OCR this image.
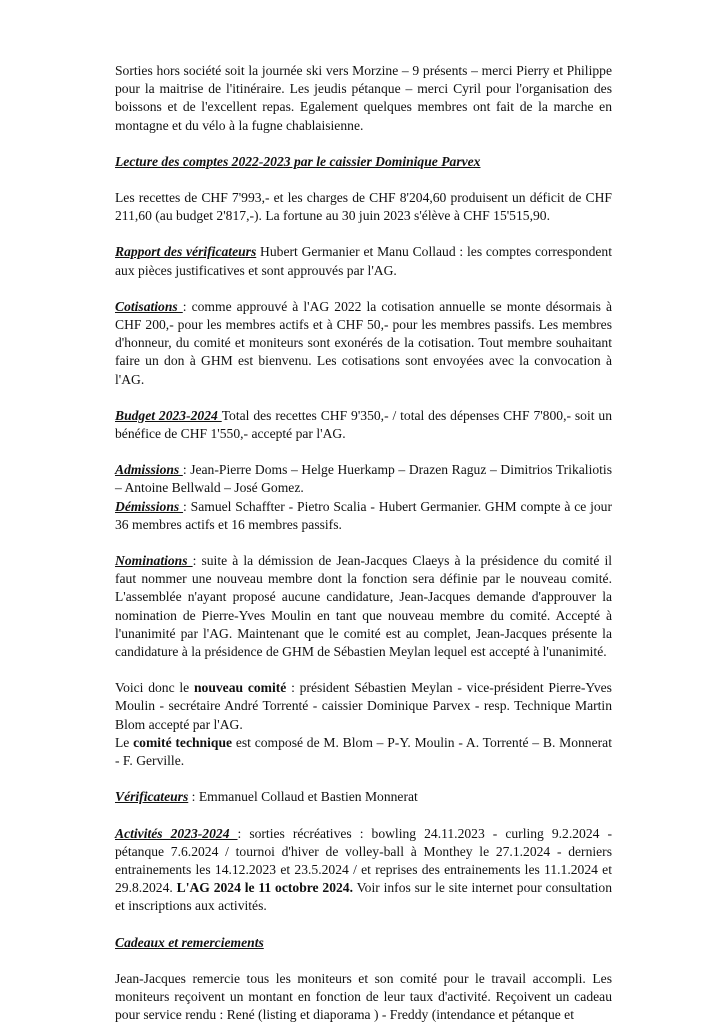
Sorties hors société soit la journée ski vers Morzine – 9 présents – merci Pierry et Philippe pour la maitrise de l'itinéraire. Les jeudis pétanque – merci Cyril pour l'organisation des boissons et de l'excellent repas. Egalement quelques membres ont fait de la marche en montagne et du vélo à la fugne chablaisienne.

Lecture des comptes 2022-2023 par le caissier Dominique Parvex

Les recettes de CHF 7'993,- et les charges de CHF 8'204,60 produisent un déficit de CHF 211,60 (au budget 2'817,-). La fortune au 30 juin 2023 s'élève à CHF 15'515,90.

Rapport des vérificateurs Hubert Germanier et Manu Collaud : les comptes correspondent aux pièces justificatives et sont approuvés par l'AG.

Cotisations : comme approuvé à l'AG 2022 la cotisation annuelle se monte désormais à CHF 200,- pour les membres actifs et à CHF 50,- pour les membres passifs. Les membres d'honneur, du comité et moniteurs sont exonérés de la cotisation. Tout membre souhaitant faire un don à GHM est bienvenu. Les cotisations sont envoyées avec la convocation à l'AG.

Budget 2023-2024 Total des recettes CHF 9'350,- / total des dépenses CHF 7'800,- soit un bénéfice de CHF 1'550,- accepté par l'AG.

Admissions : Jean-Pierre Doms – Helge Huerkamp – Drazen Raguz – Dimitrios Trikaliotis – Antoine Bellwald – José Gomez.

Démissions : Samuel Schaffter - Pietro Scalia - Hubert Germanier. GHM compte à ce jour 36 membres actifs et 16 membres passifs.

Nominations : suite à la démission de Jean-Jacques Claeys à la présidence du comité il faut nommer une nouveau membre dont la fonction sera définie par le nouveau comité. L'assemblée n'ayant proposé aucune candidature, Jean-Jacques demande d'approuver la nomination de Pierre-Yves Moulin en tant que nouveau membre du comité. Accepté à l'unanimité par l'AG. Maintenant que le comité est au complet, Jean-Jacques présente la candidature à la présidence de GHM de Sébastien Meylan lequel est accepté à l'unanimité.

Voici donc le nouveau comité : président Sébastien Meylan - vice-président Pierre-Yves Moulin - secrétaire André Torrenté - caissier Dominique Parvex - resp. Technique Martin Blom accepté par l'AG.

Le comité technique est composé de M. Blom – P-Y. Moulin - A. Torrenté – B. Monnerat - F. Gerville.

Vérificateurs : Emmanuel Collaud et Bastien Monnerat

Activités 2023-2024 : sorties récréatives : bowling 24.11.2023 - curling 9.2.2024 - pétanque 7.6.2024 / tournoi d'hiver de volley-ball à Monthey le 27.1.2024 - derniers entrainements les 14.12.2023 et 23.5.2024 / et reprises des entrainements les 11.1.2024 et 29.8.2024. L'AG 2024 le 11 octobre 2024. Voir infos sur le site internet pour consultation et inscriptions aux activités.

Cadeaux et remerciements

Jean-Jacques remercie tous les moniteurs et son comité pour le travail accompli. Les moniteurs reçoivent un montant en fonction de leur taux d'activité. Reçoivent un cadeau pour service rendu : René (listing et diaporama ) - Freddy (intendance et pétanque et
